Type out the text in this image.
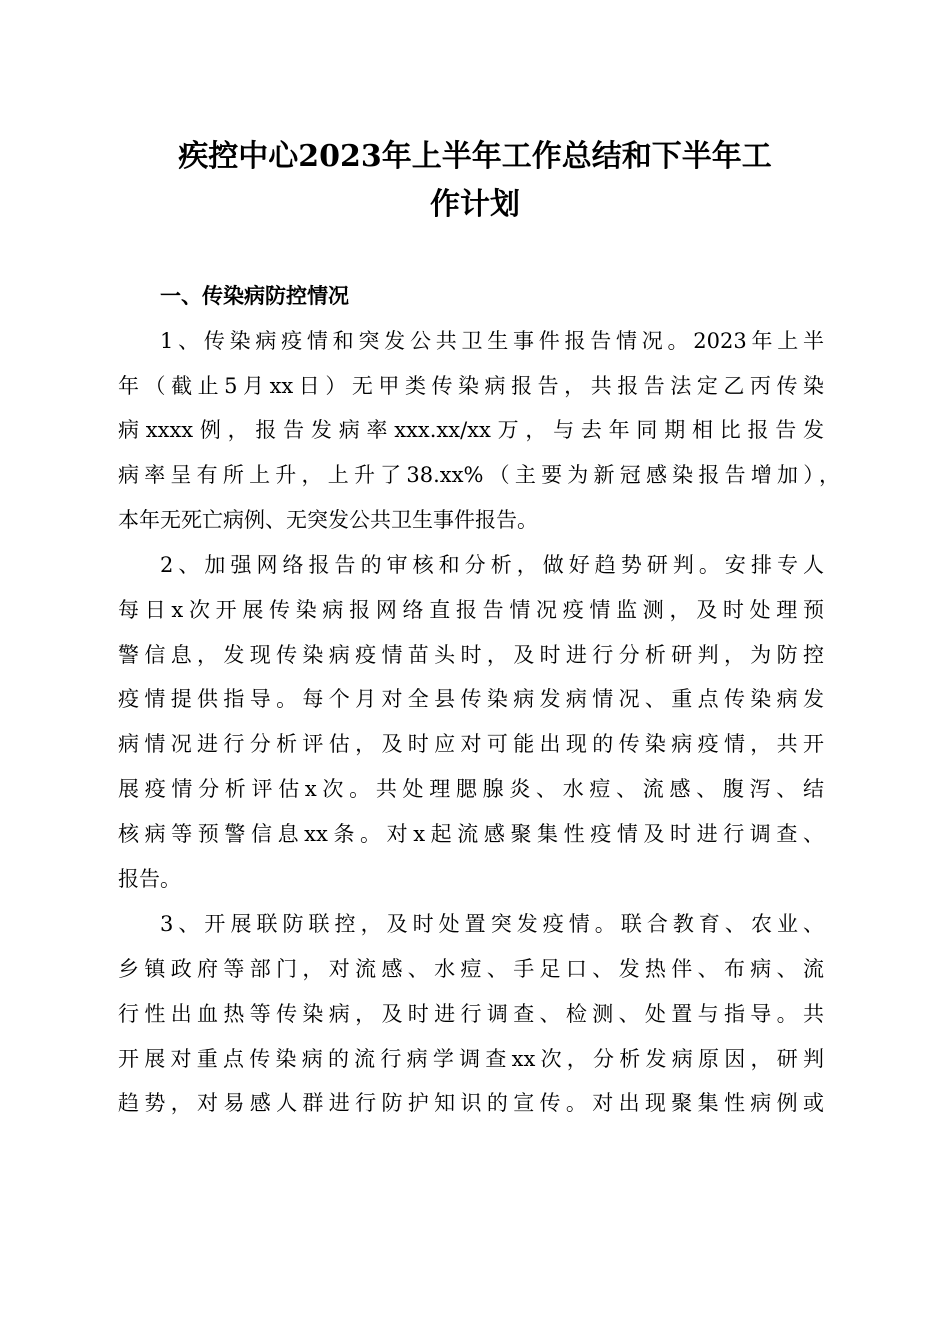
疾控中心2023年上半年工作总结和下半年工
作计划
一、传染病防控情况

1、传染病疫情和突发公共卫生事件报告情况。2023年上半

年（截止5月xx日）无甲类传染病报告，共报告法定乙丙传染

病xxxx例，报告发病率xxx.xx/xx万，与去年同期相比报告发

病率呈有所上升，上升了38.xx%（主要为新冠感染报告增加），

本年无死亡病例、无突发公共卫生事件报告。

2、加强网络报告的审核和分析，做好趋势研判。安排专人

每日x次开展传染病报网络直报告情况疫情监测，及时处理预

警信息，发现传染病疫情苗头时，及时进行分析研判，为防控

疫情提供指导。每个月对全县传染病发病情况、重点传染病发

病情况进行分析评估，及时应对可能出现的传染病疫情，共开

展疫情分析评估x次。共处理腮腺炎、水痘、流感、腹泻、结

核病等预警信息xx条。对x起流感聚集性疫情及时进行调查、

报告。

3、开展联防联控，及时处置突发疫情。联合教育、农业、

乡镇政府等部门，对流感、水痘、手足口、发热伴、布病、流

行性出血热等传染病，及时进行调查、检测、处置与指导。共

开展对重点传染病的流行病学调查xx次，分析发病原因，研判

趋势，对易感人群进行防护知识的宣传。对出现聚集性病例或
